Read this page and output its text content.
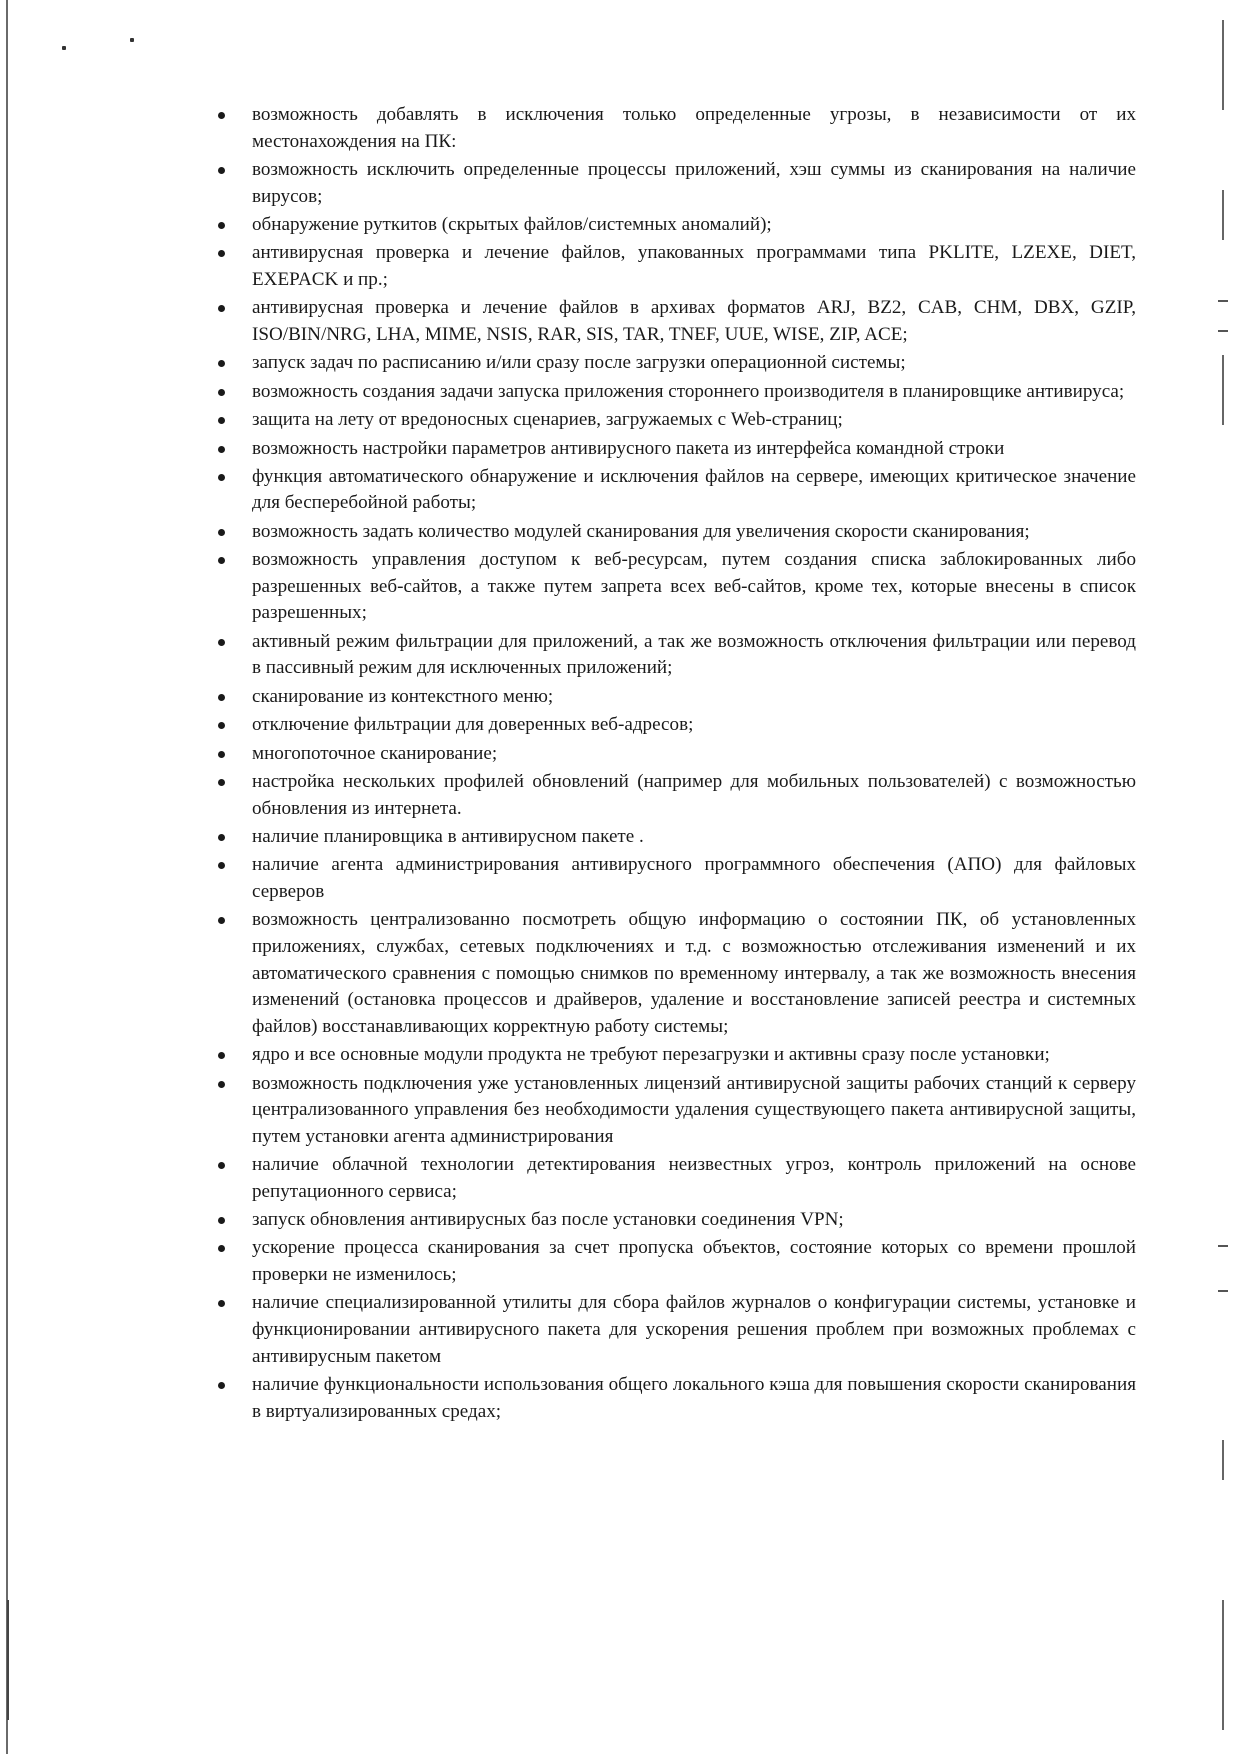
возможность добавлять в исключения только определенные угрозы, в независимости от их местонахождения на ПК:
возможность исключить определенные процессы приложений, хэш суммы из сканирования на наличие вирусов;
обнаружение руткитов (скрытых файлов/системных аномалий);
антивирусная проверка и лечение файлов, упакованных программами типа PKLITE, LZEXE, DIET, EXEPACK и пр.;
антивирусная проверка и лечение файлов в архивах форматов ARJ, BZ2, CAB, CHM, DBX, GZIP, ISO/BIN/NRG, LHA, MIME, NSIS, RAR, SIS, TAR, TNEF, UUE, WISE, ZIP, ACE;
запуск задач по расписанию и/или сразу после загрузки операционной системы;
возможность создания задачи запуска приложения стороннего производителя в планировщике антивируса;
защита на лету от вредоносных сценариев, загружаемых с Web-страниц;
возможность настройки параметров антивирусного пакета из интерфейса командной строки
функция автоматического обнаружение и исключения файлов на сервере, имеющих критическое значение для бесперебойной работы;
возможность задать количество модулей сканирования для увеличения скорости сканирования;
возможность управления доступом к веб-ресурсам, путем создания списка заблокированных либо разрешенных веб-сайтов, а также путем запрета всех веб-сайтов, кроме тех, которые внесены в список разрешенных;
активный режим фильтрации для приложений, а так же возможность отключения фильтрации или перевод в пассивный режим для исключенных приложений;
сканирование из контекстного меню;
отключение фильтрации для доверенных веб-адресов;
многопоточное сканирование;
настройка нескольких профилей обновлений (например для мобильных пользователей) с возможностью обновления из интернета.
наличие планировщика в антивирусном пакете .
наличие агента администрирования антивирусного программного обеспечения (АПО) для файловых серверов
возможность централизованно посмотреть общую информацию о состоянии ПК, об установленных приложениях, службах, сетевых подключениях и т.д. с возможностью отслеживания изменений и их автоматического сравнения с помощью снимков по временному интервалу, а так же возможность внесения изменений (остановка процессов и драйверов, удаление и восстановление записей реестра и системных файлов) восстанавливающих корректную работу системы;
ядро и все основные модули продукта не требуют перезагрузки и активны сразу после установки;
возможность подключения уже установленных лицензий антивирусной защиты рабочих станций к серверу централизованного управления без необходимости удаления существующего пакета антивирусной защиты, путем установки агента администрирования
наличие облачной технологии детектирования неизвестных угроз, контроль приложений на основе репутационного сервиса;
запуск обновления антивирусных баз после установки соединения VPN;
ускорение процесса сканирования за счет пропуска объектов, состояние которых со времени прошлой проверки не изменилось;
наличие специализированной утилиты для сбора файлов журналов о конфигурации системы, установке и функционировании антивирусного пакета для ускорения решения проблем при возможных проблемах с антивирусным пакетом
наличие функциональности использования общего локального кэша для повышения скорости сканирования в виртуализированных средах;
